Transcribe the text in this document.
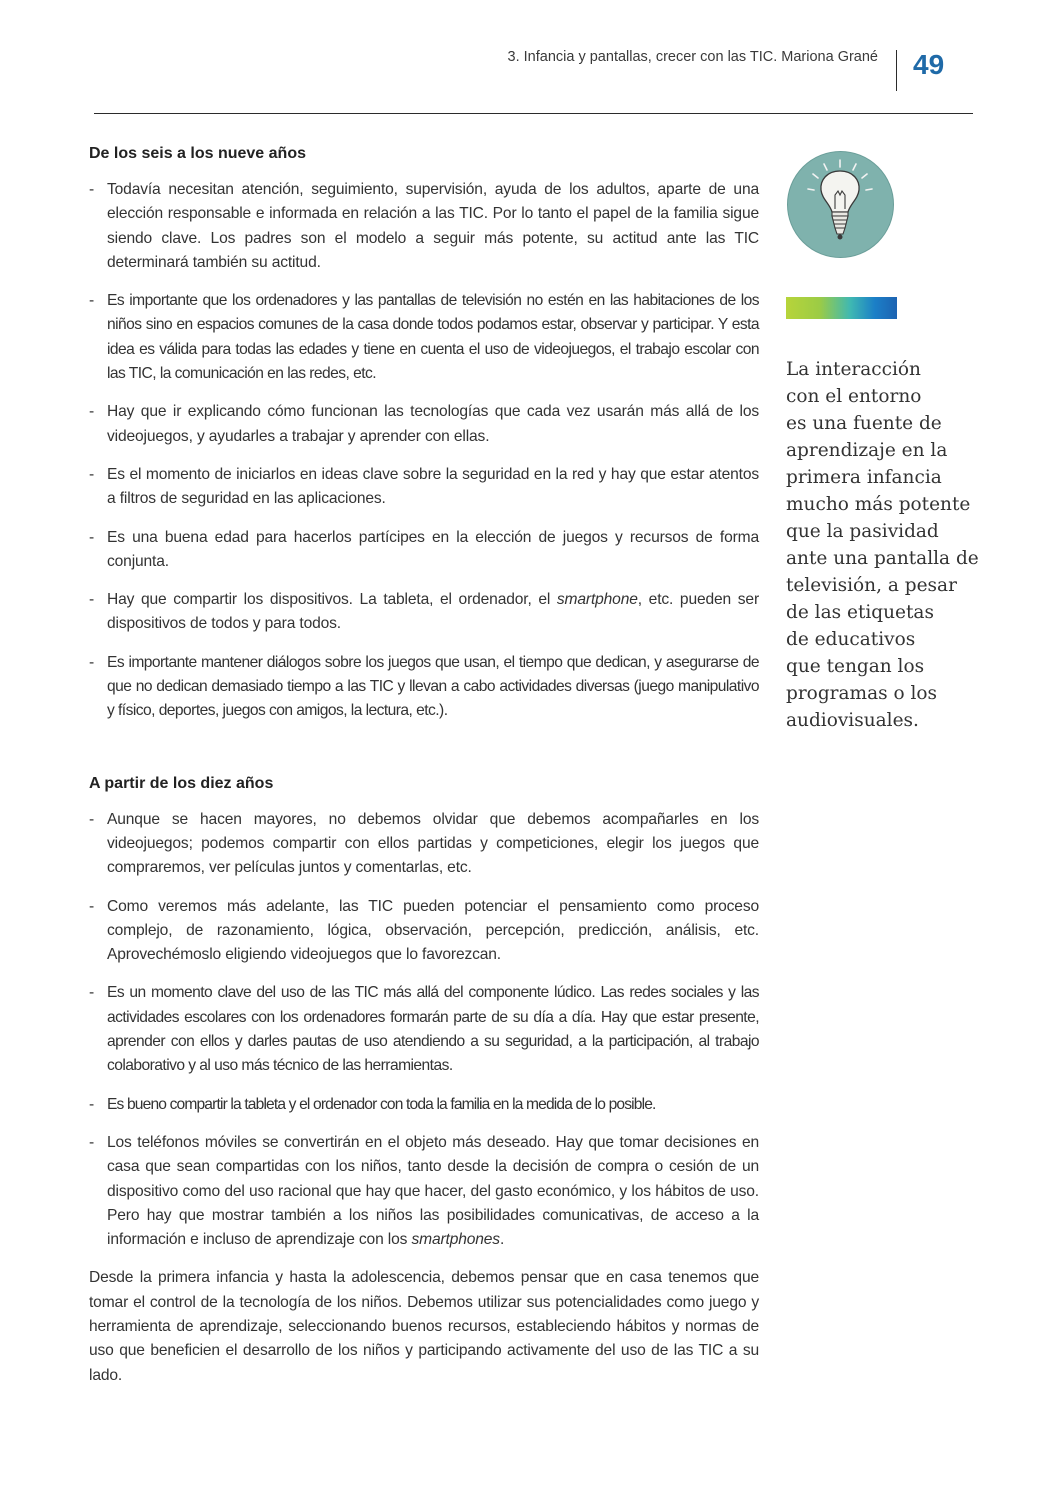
3. Infancia y pantallas, crecer con las TIC. Mariona Grané 49
De los seis a los nueve años
- Todavía necesitan atención, seguimiento, supervisión, ayuda de los adultos, aparte de una elección responsable e informada en relación a las TIC. Por lo tanto el papel de la familia sigue siendo clave. Los padres son el modelo a seguir más potente, su actitud ante las TIC determinará también su actitud.
- Es importante que los ordenadores y las pantallas de televisión no estén en las habitaciones de los niños sino en espacios comunes de la casa donde todos podamos estar, observar y participar. Y esta idea es válida para todas las edades y tiene en cuenta el uso de videojuegos, el trabajo escolar con las TIC, la comunicación en las redes, etc.
- Hay que ir explicando cómo funcionan las tecnologías que cada vez usarán más allá de los videojuegos, y ayudarles a trabajar y aprender con ellas.
- Es el momento de iniciarlos en ideas clave sobre la seguridad en la red y hay que estar atentos a filtros de seguridad en las aplicaciones.
- Es una buena edad para hacerlos partícipes en la elección de juegos y recursos de forma conjunta.
- Hay que compartir los dispositivos. La tableta, el ordenador, el smartphone, etc. pueden ser dispositivos de todos y para todos.
- Es importante mantener diálogos sobre los juegos que usan, el tiempo que dedican, y asegurarse de que no dedican demasiado tiempo a las TIC y llevan a cabo actividades diversas (juego manipulativo y físico, deportes, juegos con amigos, la lectura, etc.).
A partir de los diez años
- Aunque se hacen mayores, no debemos olvidar que debemos acompañarles en los videojuegos; podemos compartir con ellos partidas y competiciones, elegir los juegos que compraremos, ver películas juntos y comentarlas, etc.
- Como veremos más adelante, las TIC pueden potenciar el pensamiento como proceso complejo, de razonamiento, lógica, observación, percepción, predicción, análisis, etc. Aprovechémoslo eligiendo videojuegos que lo favorezcan.
- Es un momento clave del uso de las TIC más allá del componente lúdico. Las redes sociales y las actividades escolares con los ordenadores formarán parte de su día a día. Hay que estar presente, aprender con ellos y darles pautas de uso atendiendo a su seguridad, a la participación, al trabajo colaborativo y al uso más técnico de las herramientas.
- Es bueno compartir la tableta y el ordenador con toda la familia en la medida de lo posible.
- Los teléfonos móviles se convertirán en el objeto más deseado. Hay que tomar decisiones en casa que sean compartidas con los niños, tanto desde la decisión de compra o cesión de un dispositivo como del uso racional que hay que hacer, del gasto económico, y los hábitos de uso. Pero hay que mostrar también a los niños las posibilidades comunicativas, de acceso a la información e incluso de aprendizaje con los smartphones.

Desde la primera infancia y hasta la adolescencia, debemos pensar que en casa tenemos que tomar el control de la tecnología de los niños. Debemos utilizar sus potencialidades como juego y herramienta de aprendizaje, seleccionando buenos recursos, estableciendo hábitos y normas de uso que beneficien el desarrollo de los niños y participando activamente del uso de las TIC a su lado.

La interacción
con el entorno
es una fuente de
aprendizaje en la
primera infancia
mucho más potente
que la pasividad
ante una pantalla de
televisión, a pesar
de las etiquetas
de educativos
que tengan los
programas o los
audiovisuales.
